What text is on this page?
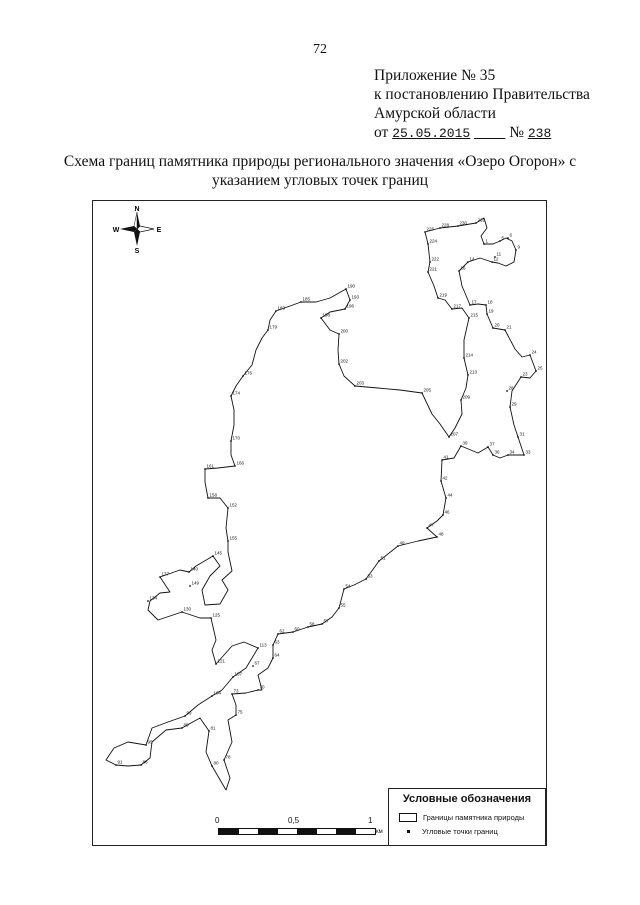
72
Приложение № 35
к постановлению Правительства
Амурской области
от 25.05.2015	№ 238
Схема границ памятника природы регионального значения «Озеро Огорон» с
указанием угловых точек границ
1
5
6
9
11
12
14
16
17 18
19
20 21
23
24
25
28
29
31
33
34
36
37
39
41
42
44
46
47
48
49
51
53
54
55
57
58
60
62
63
64
67
70
73
75
78
80
81
85
88
91
95
99
104
107
113
121
125
130
134
137
140
145
149
152
155
158
161
166
170
174
176
179
183
185
190
193
196
198
200
202
203
205
207
209
213
214
215
217
219
221
222
224
226
228 230
231
N
S
W	E
0	0,5	1
км
Условные обозначения
Границы памятника природы
Угловые точки границ
